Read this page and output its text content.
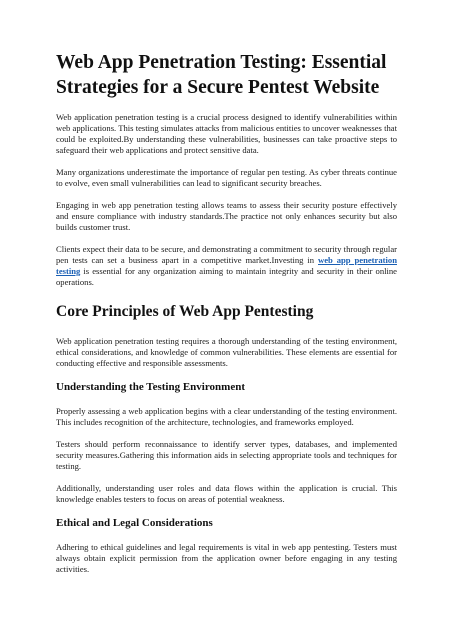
Web App Penetration Testing: Essential Strategies for a Secure Pentest Website

Web application penetration testing is a crucial process designed to identify vulnerabilities within web applications. This testing simulates attacks from malicious entities to uncover weaknesses that could be exploited.By understanding these vulnerabilities, businesses can take proactive steps to safeguard their web applications and protect sensitive data.

Many organizations underestimate the importance of regular pen testing. As cyber threats continue to evolve, even small vulnerabilities can lead to significant security breaches.

Engaging in web app penetration testing allows teams to assess their security posture effectively and ensure compliance with industry standards.The practice not only enhances security but also builds customer trust.

Clients expect their data to be secure, and demonstrating a commitment to security through regular pen tests can set a business apart in a competitive market.Investing in web app penetration testing is essential for any organization aiming to maintain integrity and security in their online operations.

Core Principles of Web App Pentesting

Web application penetration testing requires a thorough understanding of the testing environment, ethical considerations, and knowledge of common vulnerabilities. These elements are essential for conducting effective and responsible assessments.

Understanding the Testing Environment

Properly assessing a web application begins with a clear understanding of the testing environment. This includes recognition of the architecture, technologies, and frameworks employed.

Testers should perform reconnaissance to identify server types, databases, and implemented security measures.Gathering this information aids in selecting appropriate tools and techniques for testing.

Additionally, understanding user roles and data flows within the application is crucial. This knowledge enables testers to focus on areas of potential weakness.

Ethical and Legal Considerations

Adhering to ethical guidelines and legal requirements is vital in web app pentesting. Testers must always obtain explicit permission from the application owner before engaging in any testing activities.
